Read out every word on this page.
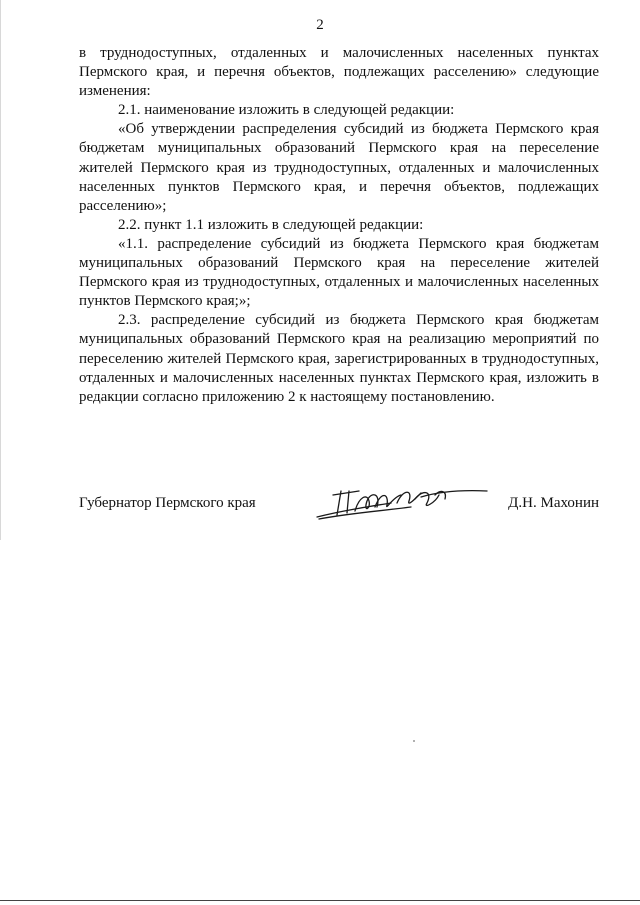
2

в труднодоступных, отдаленных и малочисленных населенных пунктах Пермского края, и перечня объектов, подлежащих расселению» следующие изменения:

2.1. наименование изложить в следующей редакции:

«Об утверждении распределения субсидий из бюджета Пермского края бюджетам муниципальных образований Пермского края на переселение жителей Пермского края из труднодоступных, отдаленных и малочисленных населенных пунктов Пермского края, и перечня объектов, подлежащих расселению»;

2.2. пункт 1.1 изложить в следующей редакции:

«1.1. распределение субсидий из бюджета Пермского края бюджетам муниципальных образований Пермского края на переселение жителей Пермского края из труднодоступных, отдаленных и малочисленных населенных пунктов Пермского края;»;

2.3. распределение субсидий из бюджета Пермского края бюджетам муниципальных образований Пермского края на реализацию мероприятий по переселению жителей Пермского края, зарегистрированных в труднодоступных, отдаленных и малочисленных населенных пунктах Пермского края, изложить в редакции согласно приложению 2 к настоящему постановлению.

Губернатор Пермского края	Д.Н. Махонин
